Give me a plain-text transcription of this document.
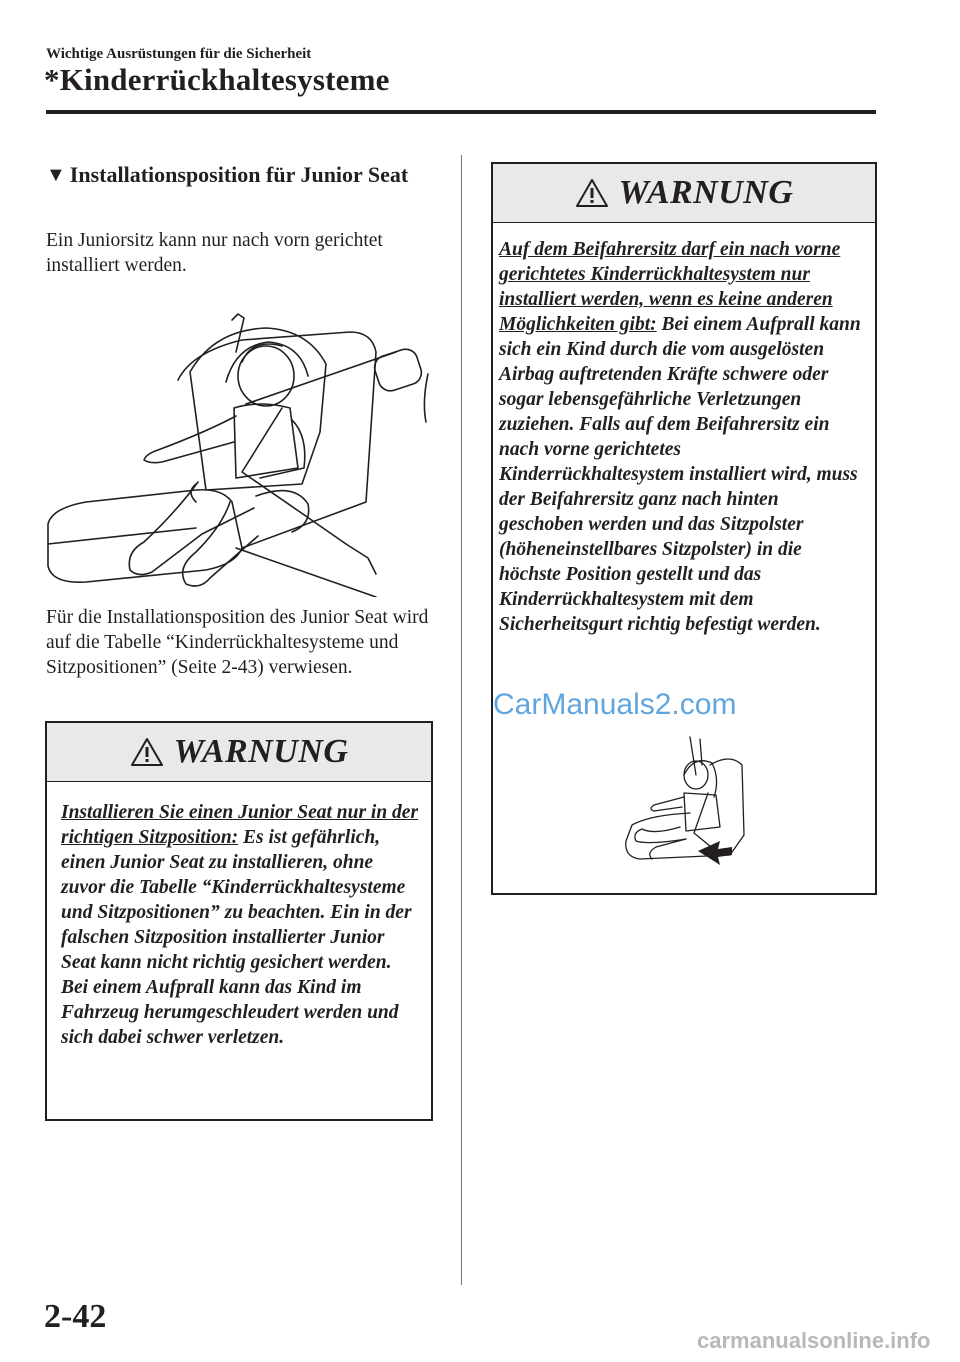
Wichtige Ausrüstungen für die Sicherheit
*Kinderrückhaltesysteme
▼ Installationsposition für Junior Seat
Ein Juniorsitz kann nur nach vorn gerichtet installiert werden.
Für die Installationsposition des Junior Seat wird auf die Tabelle “Kinderrückhaltesysteme und Sitzpositionen” (Seite 2-43) verwiesen.
WARNUNG
Installieren Sie einen Junior Seat nur in der richtigen Sitzposition: Es ist gefährlich, einen Junior Seat zu installieren, ohne zuvor die Tabelle “Kinderrückhaltesysteme und Sitzpositionen” zu beachten. Ein in der falschen Sitzposition installierter Junior Seat kann nicht richtig gesichert werden. Bei einem Aufprall kann das Kind im Fahrzeug herumgeschleudert werden und sich dabei schwer verletzen.
WARNUNG
Auf dem Beifahrersitz darf ein nach vorne gerichtetes Kinderrückhaltesystem nur installiert werden, wenn es keine anderen Möglichkeiten gibt: Bei einem Aufprall kann sich ein Kind durch die vom ausgelösten Airbag auftretenden Kräfte schwere oder sogar lebensgefährliche Verletzungen zuziehen. Falls auf dem Beifahrersitz ein nach vorne gerichtetes Kinderrückhaltesystem installiert wird, muss der Beifahrersitz ganz nach hinten geschoben werden und das Sitzpolster (höheneinstellbares Sitzpolster) in die höchste Position gestellt und das Kinderrückhaltesystem mit dem Sicherheitsgurt richtig befestigt werden.
CarManuals2.com
2-42
carmanualsonline.info
